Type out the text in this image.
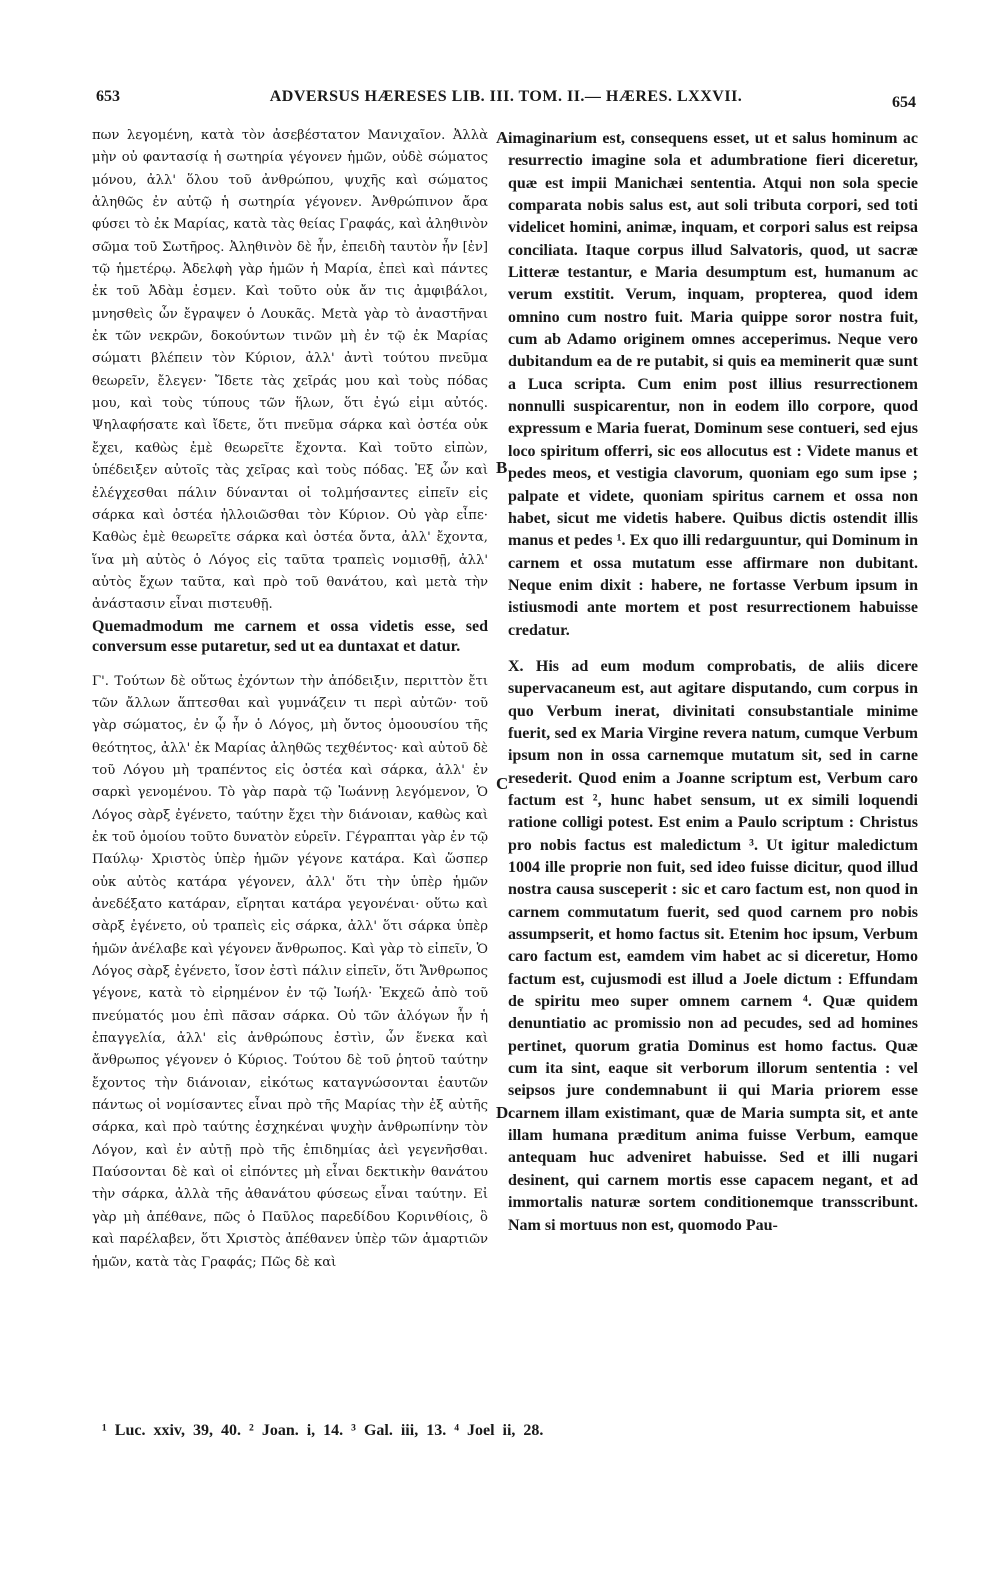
653	ADVERSUS HÆRESES LIB. III. TOM. II.— HÆRES. LXXVII.	654

πων λεγομένη, κατὰ τὸν ἀσεβέστατον Μανιχαῖον. Ἀλλὰ μὴν οὐ φαντασίᾳ ἡ σωτηρία γέγονεν ἡμῶν, οὐδὲ σώματος μόνου, ἀλλ' ὅλου τοῦ ἀνθρώπου, ψυχῆς καὶ σώματος ἀληθῶς ἐν αὐτῷ ἡ σωτηρία γέγονεν. Ἀνθρώπινον ἄρα φύσει τὸ ἐκ Μαρίας, κατὰ τὰς θείας Γραφάς, καὶ ἀληθινὸν σῶμα τοῦ Σωτῆρος. Ἀληθινὸν δὲ ἦν, ἐπειδὴ ταυτὸν ἦν [ἐν] τῷ ἡμετέρῳ. Ἀδελφὴ γὰρ ἡμῶν ἡ Μαρία, ἐπεὶ καὶ πάντες ἐκ τοῦ Ἀδὰμ ἐσμεν. Καὶ τοῦτο οὐκ ἄν τις ἀμφιβάλοι, μνησθεὶς ὧν ἔγραψεν ὁ Λουκᾶς. Μετὰ γὰρ τὸ ἀναστῆναι ἐκ τῶν νεκρῶν, δοκούντων τινῶν μὴ ἐν τῷ ἐκ Μαρίας σώματι βλέπειν τὸν Κύριον, ἀλλ' ἀντὶ τούτου πνεῦμα θεωρεῖν, ἔλεγεν· Ἴδετε τὰς χεῖράς μου καὶ τοὺς πόδας μου, καὶ τοὺς τύπους τῶν ἥλων, ὅτι ἐγώ εἰμι αὐτός. Ψηλαφήσατε καὶ ἴδετε, ὅτι πνεῦμα σάρκα καὶ ὀστέα οὐκ ἔχει, καθὼς ἐμὲ θεωρεῖτε ἔχοντα. Καὶ τοῦτο εἰπὼν, ὑπέδειξεν αὐτοῖς τὰς χεῖρας καὶ τοὺς πόδας. Ἐξ ὧν καὶ ἐλέγχεσθαι πάλιν δύνανται οἱ τολμήσαντες εἰπεῖν εἰς σάρκα καὶ ὀστέα ἠλλοιῶσθαι τὸν Κύριον. Οὐ γὰρ εἶπε· Καθὼς ἐμὲ θεωρεῖτε σάρκα καὶ ὀστέα ὄντα, ἀλλ' ἔχοντα, ἵνα μὴ αὐτὸς ὁ Λόγος εἰς ταῦτα τραπεὶς νομισθῇ, ἀλλ' αὐτὸς ἔχων ταῦτα, καὶ πρὸ τοῦ θανάτου, καὶ μετὰ τὴν ἀνάστασιν εἶναι πιστευθῇ.

Quemadmodum me carnem et ossa videtis esse, sed conversum esse putaretur, sed ut ea duntaxat et datur.

Γ'. Τούτων δὲ οὕτως ἐχόντων τὴν ἀπόδειξιν, περιττὸν ἔτι τῶν ἄλλων ἅπτεσθαι καὶ γυμνάζειν τι περὶ αὐτῶν· τοῦ γὰρ σώματος, ἐν ᾧ ἦν ὁ Λόγος, μὴ ὄντος ὁμοουσίου τῆς θεότητος, ἀλλ' ἐκ Μαρίας ἀληθῶς τεχθέντος· καὶ αὐτοῦ δὲ τοῦ Λόγου μὴ τραπέντος εἰς ὀστέα καὶ σάρκα, ἀλλ' ἐν σαρκὶ γενομένου. Τὸ γὰρ παρὰ τῷ Ἰωάννῃ λεγόμενον, Ὁ Λόγος σὰρξ ἐγένετο, ταύτην ἔχει τὴν διάνοιαν, καθὼς καὶ ἐκ τοῦ ὁμοίου τοῦτο δυνατὸν εὑρεῖν. Γέγραπται γὰρ ἐν τῷ Παύλῳ· Χριστὸς ὑπὲρ ἡμῶν γέγονε κατάρα. Καὶ ὥσπερ οὐκ αὐτὸς κατάρα γέγονεν, ἀλλ' ὅτι τὴν ὑπὲρ ἡμῶν ἀνεδέξατο κατάραν, εἴρηται κατάρα γεγονέναι· οὕτω καὶ σὰρξ ἐγένετο, οὐ τραπεὶς εἰς σάρκα, ἀλλ' ὅτι σάρκα ὑπὲρ ἡμῶν ἀνέλαβε καὶ γέγονεν ἄνθρωπος. Καὶ γὰρ τὸ εἰπεῖν, Ὁ Λόγος σὰρξ ἐγένετο, ἴσον ἐστὶ πάλιν εἰπεῖν, ὅτι Ἄνθρωπος γέγονε, κατὰ τὸ εἰρημένον ἐν τῷ Ἰωήλ· Ἐκχεῶ ἀπὸ τοῦ πνεύματός μου ἐπὶ πᾶσαν σάρκα. Οὐ τῶν ἀλόγων ἦν ἡ ἐπαγγελία, ἀλλ' εἰς ἀνθρώπους ἐστὶν, ὧν ἕνεκα καὶ ἄνθρωπος γέγονεν ὁ Κύριος. Τούτου δὲ τοῦ ῥητοῦ ταύτην ἔχοντος τὴν διάνοιαν, εἰκότως καταγνώσονται ἑαυτῶν πάντως οἱ νομίσαντες εἶναι πρὸ τῆς Μαρίας τὴν ἐξ αὐτῆς σάρκα, καὶ πρὸ ταύτης ἐσχηκέναι ψυχὴν ἀνθρωπίνην τὸν Λόγον, καὶ ἐν αὐτῇ πρὸ τῆς ἐπιδημίας ἀεὶ γεγενῆσθαι. Παύσονται δὲ καὶ οἱ εἰπόντες μὴ εἶναι δεκτικὴν θανάτου τὴν σάρκα, ἀλλὰ τῆς ἀθανάτου φύσεως εἶναι ταύτην. Εἰ γὰρ μὴ ἀπέθανε, πῶς ὁ Παῦλος παρεδίδου Κορινθίοις, ὃ καὶ παρέλαβεν, ὅτι Χριστὸς ἀπέθανεν ὑπὲρ τῶν ἁμαρτιῶν ἡμῶν, κατὰ τὰς Γραφάς; Πῶς δὲ καὶ

A
B
C
D

imaginarium est, consequens esset, ut et salus hominum ac resurrectio imagine sola et adumbratione fieri diceretur, quæ est impii Manichæi sententia. Atqui non sola specie comparata nobis salus est, aut soli tributa corpori, sed toti videlicet homini, animæ, inquam, et corpori salus est reipsa conciliata. Itaque corpus illud Salvatoris, quod, ut sacræ Litteræ testantur, e Maria desumptum est, humanum ac verum exstitit. Verum, inquam, propterea, quod idem omnino cum nostro fuit. Maria quippe soror nostra fuit, cum ab Adamo originem omnes acceperimus. Neque vero dubitandum ea de re putabit, si quis ea meminerit quæ sunt a Luca scripta. Cum enim post illius resurrectionem nonnulli suspicarentur, non in eodem illo corpore, quod expressum e Maria fuerat, Dominum sese contueri, sed ejus loco spiritum offerri, sic eos allocutus est : Videte manus et pedes meos, et vestigia clavorum, quoniam ego sum ipse ; palpate et videte, quoniam spiritus carnem et ossa non habet, sicut me videtis habere. Quibus dictis ostendit illis manus et pedes ¹. Ex quo illi redarguuntur, qui Dominum in carnem et ossa mutatum esse affirmare non dubitant. Neque enim dixit : habere, ne fortasse Verbum ipsum in istiusmodi ante mortem et post resurrectionem habuisse credatur.

X. His ad eum modum comprobatis, de aliis dicere supervacaneum est, aut agitare disputando, cum corpus in quo Verbum inerat, divinitati consubstantiale minime fuerit, sed ex Maria Virgine revera natum, cumque Verbum ipsum non in ossa carnemque mutatum sit, sed in carne resederit. Quod enim a Joanne scriptum est, Verbum caro factum est ², hunc habet sensum, ut ex simili loquendi ratione colligi potest. Est enim a Paulo scriptum : Christus pro nobis factus est maledictum ³. Ut igitur maledictum 1004 ille proprie non fuit, sed ideo fuisse dicitur, quod illud nostra causa susceperit : sic et caro factum est, non quod in carnem commutatum fuerit, sed quod carnem pro nobis assumpserit, et homo factus sit. Etenim hoc ipsum, Verbum caro factum est, eamdem vim habet ac si diceretur, Homo factum est, cujusmodi est illud a Joele dictum : Effundam de spiritu meo super omnem carnem ⁴. Quæ quidem denuntiatio ac promissio non ad pecudes, sed ad homines pertinet, quorum gratia Dominus est homo factus. Quæ cum ita sint, eaque sit verborum illorum sententia : vel seipsos jure condemnabunt ii qui Maria priorem esse carnem illam existimant, quæ de Maria sumpta sit, et ante illam humana præditum anima fuisse Verbum, eamque antequam huc adveniret habuisse. Sed et illi nugari desinent, qui carnem mortis esse capacem negant, et ad immortalis naturæ sortem conditionemque transscribunt. Nam si mortuus non est, quomodo Pau-

¹ Luc. xxiv, 39, 40. ² Joan. i, 14. ³ Gal. iii, 13. ⁴ Joel ii, 28.
